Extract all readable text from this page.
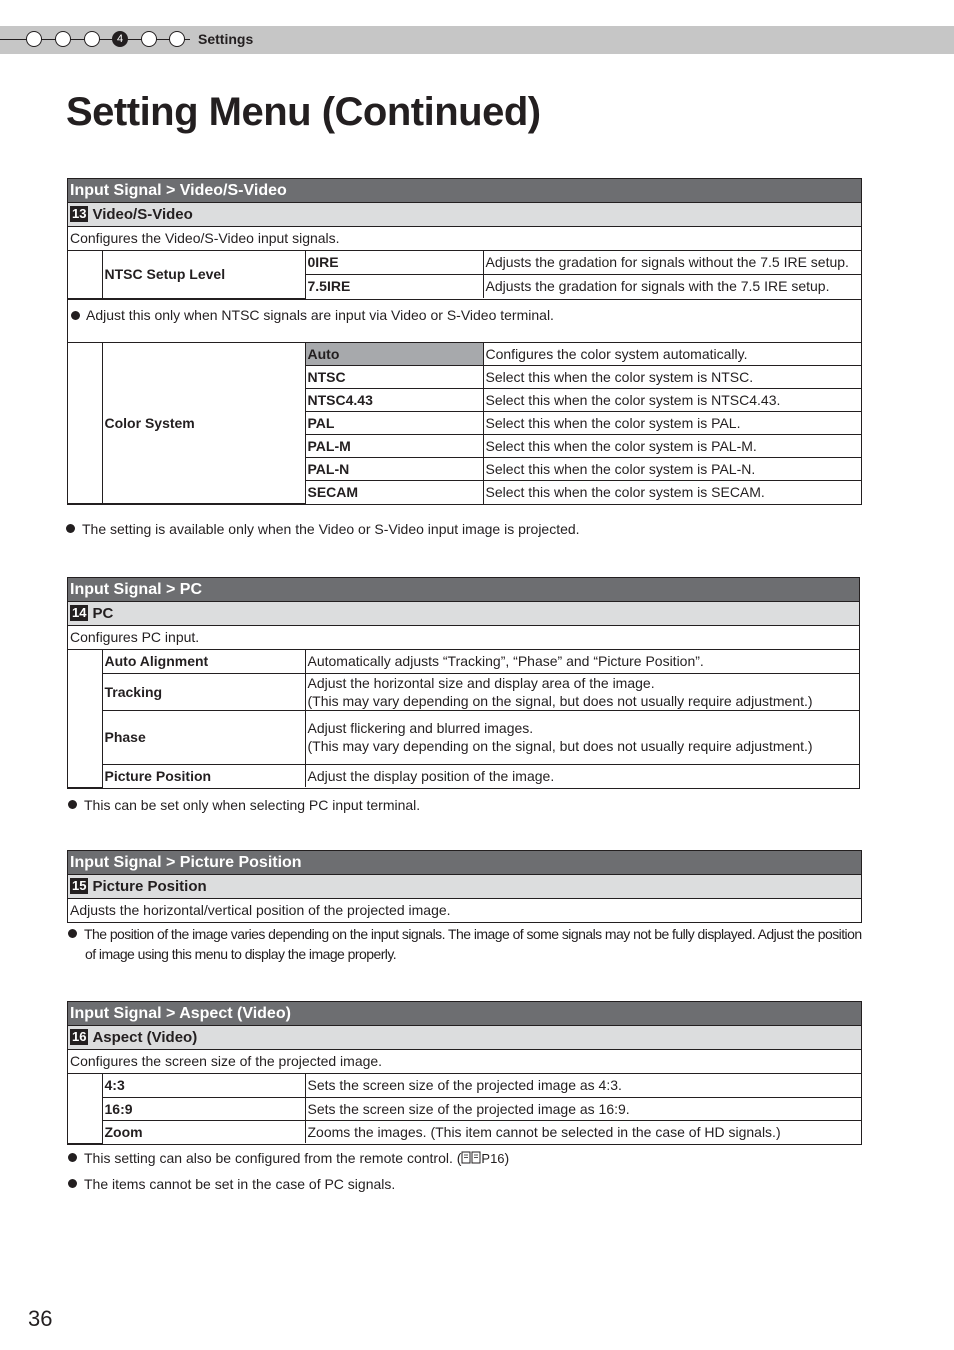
4	Settings
Setting Menu (Continued)
Input Signal > Video/S-Video
13 Video/S-Video
Configures the Video/S-Video input signals.
	NTSC Setup Level	0IRE	Adjusts the gradation for signals without the 7.5 IRE setup.
		7.5IRE	Adjusts the gradation for signals with the 7.5 IRE setup.
Adjust this only when NTSC signals are input via Video or S-Video terminal.
	Color System	Auto	Configures the color system automatically.
		NTSC	Select this when the color system is NTSC.
		NTSC4.43	Select this when the color system is NTSC4.43.
		PAL	Select this when the color system is PAL.
		PAL-M	Select this when the color system is PAL-M.
		PAL-N	Select this when the color system is PAL-N.
		SECAM	Select this when the color system is SECAM.
The setting is available only when the Video or S-Video input image is projected.
Input Signal > PC
14 PC
Configures PC input.
	Auto Alignment	Automatically adjusts “Tracking”, “Phase” and “Picture Position”.
	Tracking	Adjust the horizontal size and display area of the image.
(This may vary depending on the signal, but does not usually require adjustment.)

	Phase	Adjust flickering and blurred images.
(This may vary depending on the signal, but does not usually require adjustment.)

	Picture Position	Adjust the display position of the image.
This can be set only when selecting PC input terminal.
Input Signal > Picture Position
15 Picture Position
Adjusts the horizontal/vertical position of the projected image.
The position of the image varies depending on the input signals. The image of some signals may not be fully displayed. Adjust the position
of image using this menu to display the image properly.
Input Signal > Aspect (Video)
16 Aspect (Video)
Configures the screen size of the projected image.
	4:3	Sets the screen size of the projected image as 4:3.
	16:9	Sets the screen size of the projected image as 16:9.
	Zoom	Zooms the images. (This item cannot be selected in the case of HD signals.)
This setting can also be configured from the remote control. ( P16)
The items cannot be set in the case of PC signals.
36
